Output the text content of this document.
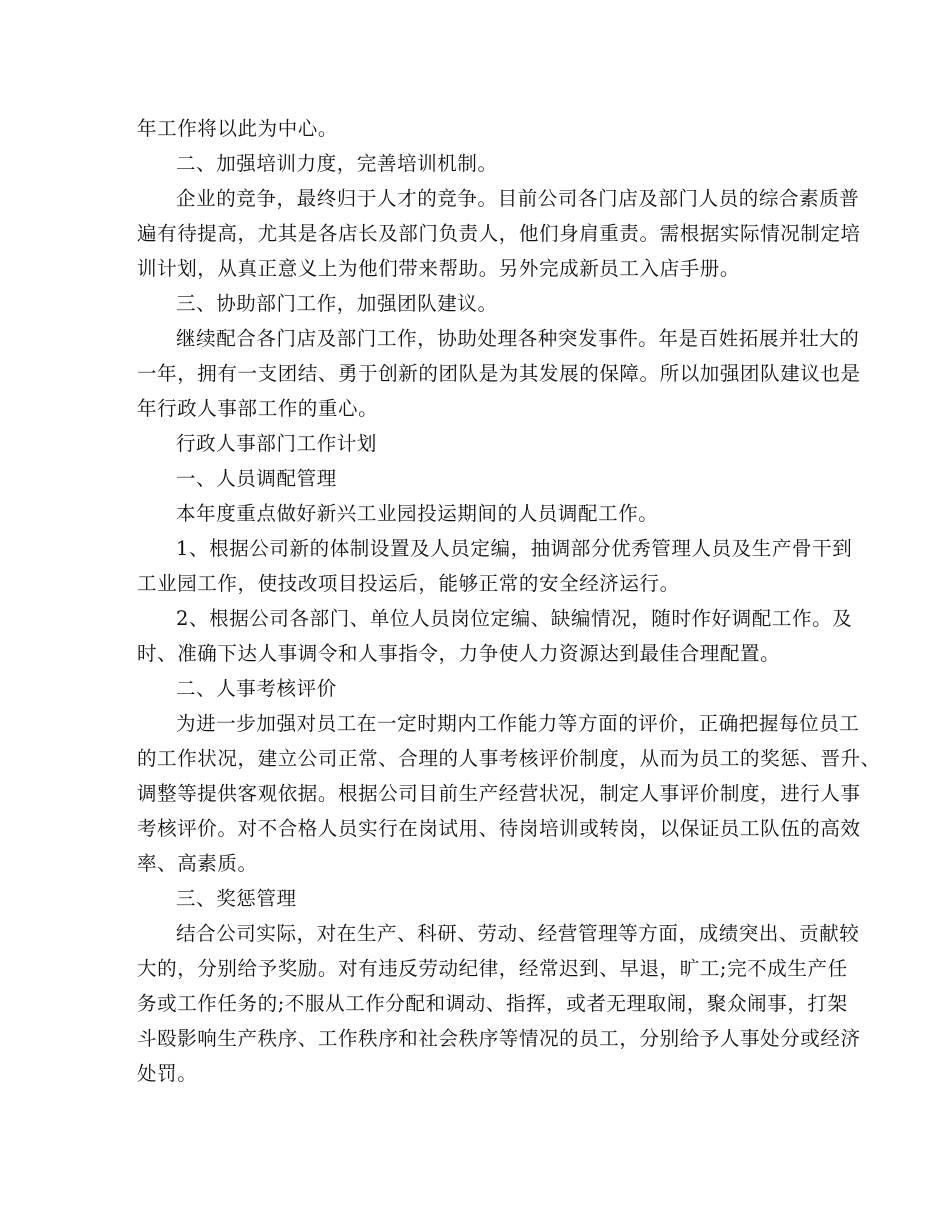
年工作将以此为中心。
二、加强培训力度，完善培训机制。
企业的竞争，最终归于人才的竞争。目前公司各门店及部门人员的综合素质普
遍有待提高，尤其是各店长及部门负责人，他们身肩重责。需根据实际情况制定培
训计划，从真正意义上为他们带来帮助。另外完成新员工入店手册。
三、协助部门工作，加强团队建议。
继续配合各门店及部门工作，协助处理各种突发事件。年是百姓拓展并壮大的
一年，拥有一支团结、勇于创新的团队是为其发展的保障。所以加强团队建议也是
年行政人事部工作的重心。
行政人事部门工作计划
一、人员调配管理
本年度重点做好新兴工业园投运期间的人员调配工作。
1、根据公司新的体制设置及人员定编，抽调部分优秀管理人员及生产骨干到
工业园工作，使技改项目投运后，能够正常的安全经济运行。
2、根据公司各部门、单位人员岗位定编、缺编情况，随时作好调配工作。及
时、准确下达人事调令和人事指令，力争使人力资源达到最佳合理配置。
二、人事考核评价
为进一步加强对员工在一定时期内工作能力等方面的评价，正确把握每位员工
的工作状况，建立公司正常、合理的人事考核评价制度，从而为员工的奖惩、晋升、
调整等提供客观依据。根据公司目前生产经营状况，制定人事评价制度，进行人事
考核评价。对不合格人员实行在岗试用、待岗培训或转岗，以保证员工队伍的高效
率、高素质。
三、奖惩管理
结合公司实际，对在生产、科研、劳动、经营管理等方面，成绩突出、贡献较
大的，分别给予奖励。对有违反劳动纪律，经常迟到、早退，旷工;完不成生产任
务或工作任务的;不服从工作分配和调动、指挥，或者无理取闹，聚众闹事，打架
斗殴影响生产秩序、工作秩序和社会秩序等情况的员工，分别给予人事处分或经济
处罚。
